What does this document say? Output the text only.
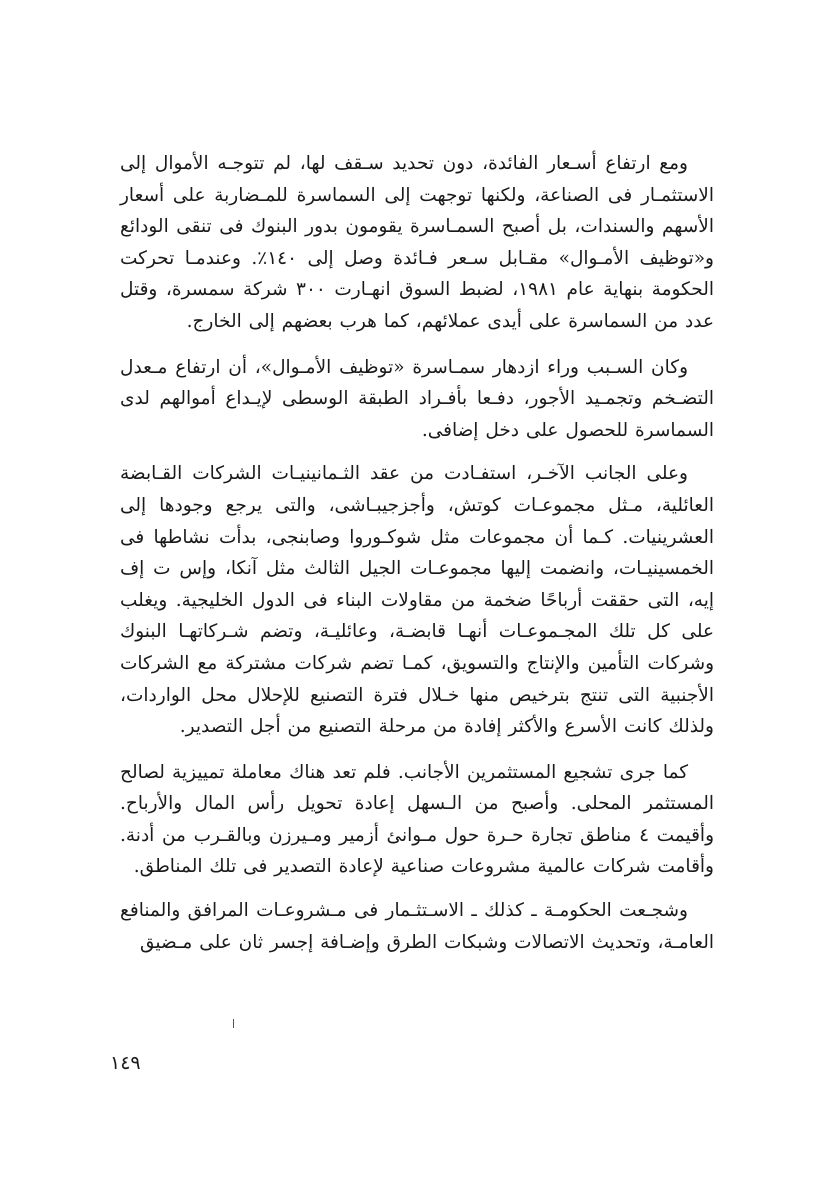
ومع ارتفاع أسـعار الفائدة، دون تحديد سـقف لها، لم تتوجـه الأموال إلى الاستثمـار فى الصناعة، ولكنها توجهت إلى السماسرة للمـضاربة على أسعار الأسهم والسندات، بل أصبح السمـاسرة يقومون بدور البنوك فى تنقى الودائع و«توظيف الأمـوال» مقـابل سـعر فـائدة وصل إلى ١٤٠٪. وعندمـا تحركت الحكومة بنهاية عام ١٩٨١، لضبط السوق انهـارت ٣٠٠ شركة سمسرة، وقتل عدد من السماسرة على أيدى عملائهم، كما هرب بعضهم إلى الخارج.

وكان السـبب وراء ازدهار سمـاسرة «توظيف الأمـوال»، أن ارتفاع مـعدل التضـخم وتجمـيد الأجور، دفـعا بأفـراد الطبقة الوسطى لإيـداع أموالهم لدى السماسرة للحصول على دخل إضافى.

وعلى الجانب الآخـر، استفـادت من عقد الثـمانينيـات الشركات القـابضة العائلية، مـثل مجموعـات كوتش، وأجزجيبـاشى، والتى يرجع وجودها إلى العشرينيات. كـما أن مجموعات مثل شوكـوروا وصابنجى، بدأت نشاطها فى الخمسينيـات، وانضمت إليها مجموعـات الجيل الثالث مثل آنكا، وإس ت إف إيه، التى حققت أرباحًا ضخمة من مقاولات البناء فى الدول الخليجية. ويغلب على كل تلك المجـموعـات أنهـا قابضـة، وعائليـة، وتضم شـركاتهـا البنوك وشركات التأمين والإنتاج والتسويق، كمـا تضم شركات مشتركة مع الشركات الأجنبية التى تنتج بترخيص منها خـلال فترة التصنيع للإحلال محل الواردات، ولذلك كانت الأسرع والأكثر إفادة من مرحلة التصنيع من أجل التصدير.

كما جرى تشجيع المستثمرين الأجانب. فلم تعد هناك معاملة تمييزية لصالح المستثمر المحلى. وأصبح من الـسهل إعادة تحويل رأس المال والأرباح. وأقيمت ٤ مناطق تجارة حـرة حول مـوانئ أزمير ومـيرزن وبالقـرب من أدنة. وأقامت شركات عالمية مشروعات صناعية لإعادة التصدير فى تلك المناطق.

وشجـعت الحكومـة ـ كذلك ـ الاسـتثـمار فى مـشروعـات المرافق والمنافع العامـة، وتحديث الاتصالات وشبكات الطرق وإضـافة إجسر ثان على مـضيق

١٤٩
